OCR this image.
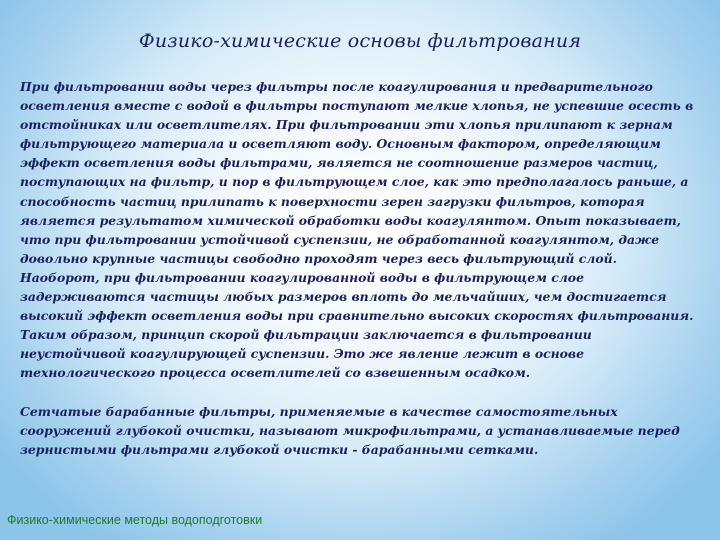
Физико-химические основы фильтрования

При фильтровании воды через фильтры после коагулирования и предварительного осветления вместе с водой в фильтры поступают мелкие хлопья, не успевшие осесть в отстойниках или осветлителях. При фильтровании эти хлопья прилипают к зернам фильтрующего материала и осветляют воду. Основным фактором, определяющим эффект осветления воды фильтрами, является не соотношение размеров частиц, поступающих на фильтр, и пор в фильтрующем слое, как это предполагалось раньше, а способность частиц прилипать к поверхности зерен загрузки фильтров, которая является результатом химической обработки воды коагулянтом. Опыт показывает, что при фильтровании устойчивой суспензии, не обработанной коагулянтом, даже довольно крупные частицы свободно проходят через весь фильтрующий слой. Наоборот, при фильтровании коагулированной воды в фильтрующем слое задерживаются частицы любых размеров вплоть до мельчайших, чем достигается высокий эффект осветления воды при сравнительно высоких скоростях фильтрования.

Таким образом, принцип скорой фильтрации заключается в фильтровании неустойчивой коагулирующей суспензии. Это же явление лежит в основе технологического процесса осветлителей со взвешенным осадком.

Сетчатые барабанные фильтры, применяемые в качестве самостоятельных сооружений глубокой очистки, называют микрофильтрами, а устанавливаемые перед зернистыми фильтрами глубокой очистки - барабанными сетками.

Физико-химические методы водоподготовки
